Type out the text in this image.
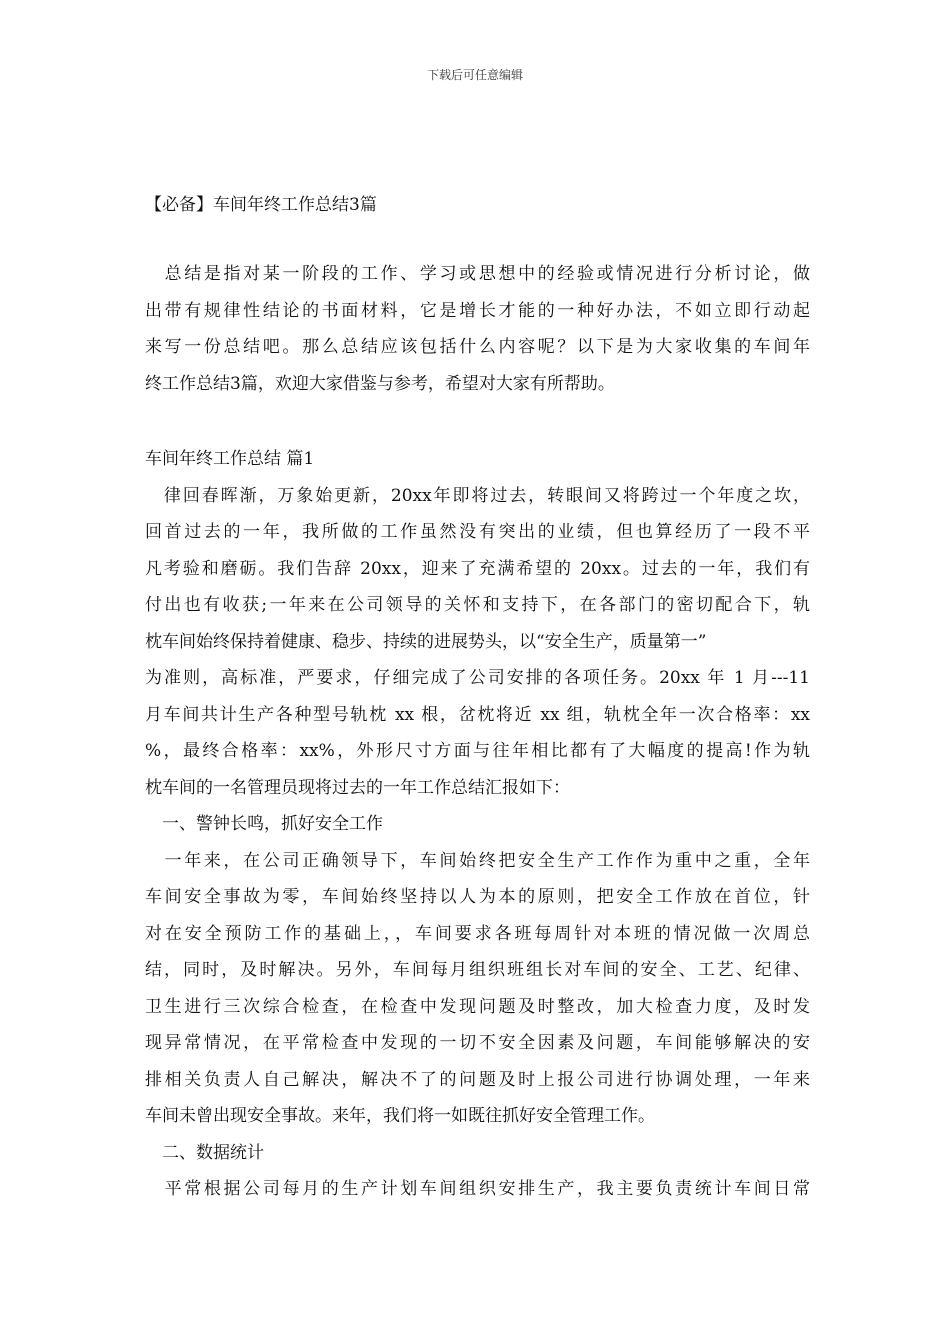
下载后可任意编辑
【必备】车间年终工作总结3篇
　总结是指对某一阶段的工作、学习或思想中的经验或情况进行分析讨论，做
出带有规律性结论的书面材料，它是增长才能的一种好办法，不如立即行动起
来写一份总结吧。那么总结应该包括什么内容呢？以下是为大家收集的车间年
终工作总结3篇，欢迎大家借鉴与参考，希望对大家有所帮助。
车间年终工作总结 篇1
　律回春晖渐，万象始更新，20xx年即将过去，转眼间又将跨过一个年度之坎，
回首过去的一年，我所做的工作虽然没有突出的业绩，但也算经历了一段不平
凡考验和磨砺。我们告辞 20xx，迎来了充满希望的 20xx。过去的一年，我们有
付出也有收获;一年来在公司领导的关怀和支持下，在各部门的密切配合下，轨
枕车间始终保持着健康、稳步、持续的进展势头，以“安全生产，质量第一”
为准则，高标准，严要求，仔细完成了公司安排的各项任务。20xx 年 1 月---11
月车间共计生产各种型号轨枕 xx 根，岔枕将近 xx 组，轨枕全年一次合格率：xx
%，最终合格率：xx%，外形尺寸方面与往年相比都有了大幅度的提高!作为轨
枕车间的一名管理员现将过去的一年工作总结汇报如下：
　一、警钟长鸣，抓好安全工作
　一年来，在公司正确领导下，车间始终把安全生产工作作为重中之重，全年
车间安全事故为零，车间始终坚持以人为本的原则，把安全工作放在首位，针
对在安全预防工作的基础上，，车间要求各班每周针对本班的情况做一次周总
结，同时，及时解决。另外，车间每月组织班组长对车间的安全、工艺、纪律、
卫生进行三次综合检查，在检查中发现问题及时整改，加大检查力度，及时发
现异常情况，在平常检查中发现的一切不安全因素及问题，车间能够解决的安
排相关负责人自己解决，解决不了的问题及时上报公司进行协调处理，一年来
车间未曾出现安全事故。来年，我们将一如既往抓好安全管理工作。
　二、数据统计
　平常根据公司每月的生产计划车间组织安排生产，我主要负责统计车间日常
